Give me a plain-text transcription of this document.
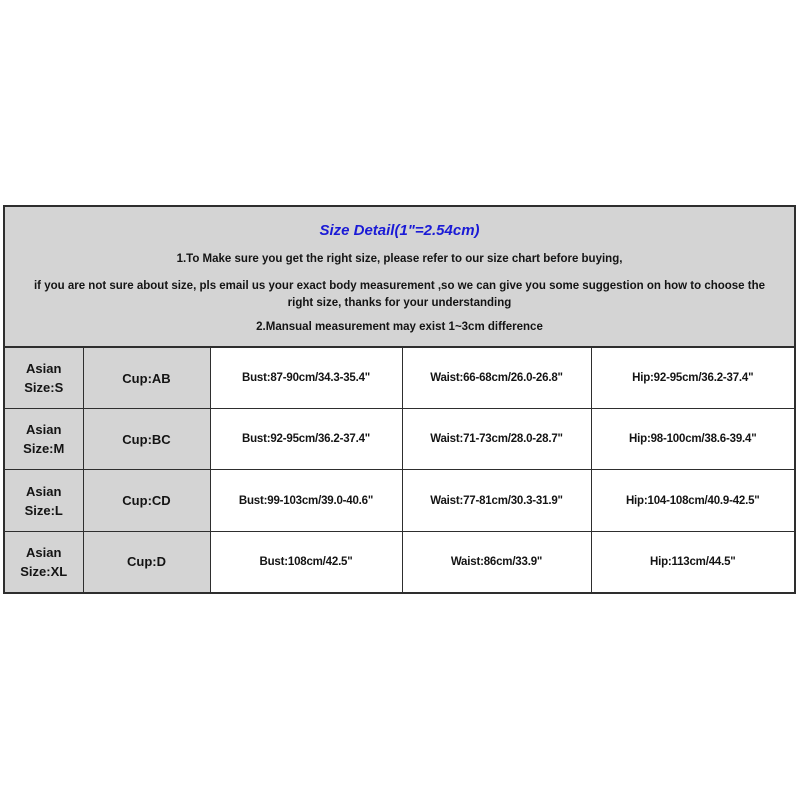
Size Detail(1"=2.54cm)
1.To Make sure you get the right size, please refer to our size chart before buying,
if you are not sure about size, pls email us your exact body measurement ,so we can give you some suggestion on how to choose the right size, thanks for your understanding
2.Mansual measurement may exist 1~3cm difference
Asian
Size:S	Cup:AB	Bust:87-90cm/34.3-35.4"	Waist:66-68cm/26.0-26.8"	Hip:92-95cm/36.2-37.4"

Asian
Size:M	Cup:BC	Bust:92-95cm/36.2-37.4"	Waist:71-73cm/28.0-28.7"	Hip:98-100cm/38.6-39.4"

Asian
Size:L	Cup:CD	Bust:99-103cm/39.0-40.6"	Waist:77-81cm/30.3-31.9"	Hip:104-108cm/40.9-42.5"

Asian
Size:XL	Cup:D	Bust:108cm/42.5"	Waist:86cm/33.9"	Hip:113cm/44.5"
